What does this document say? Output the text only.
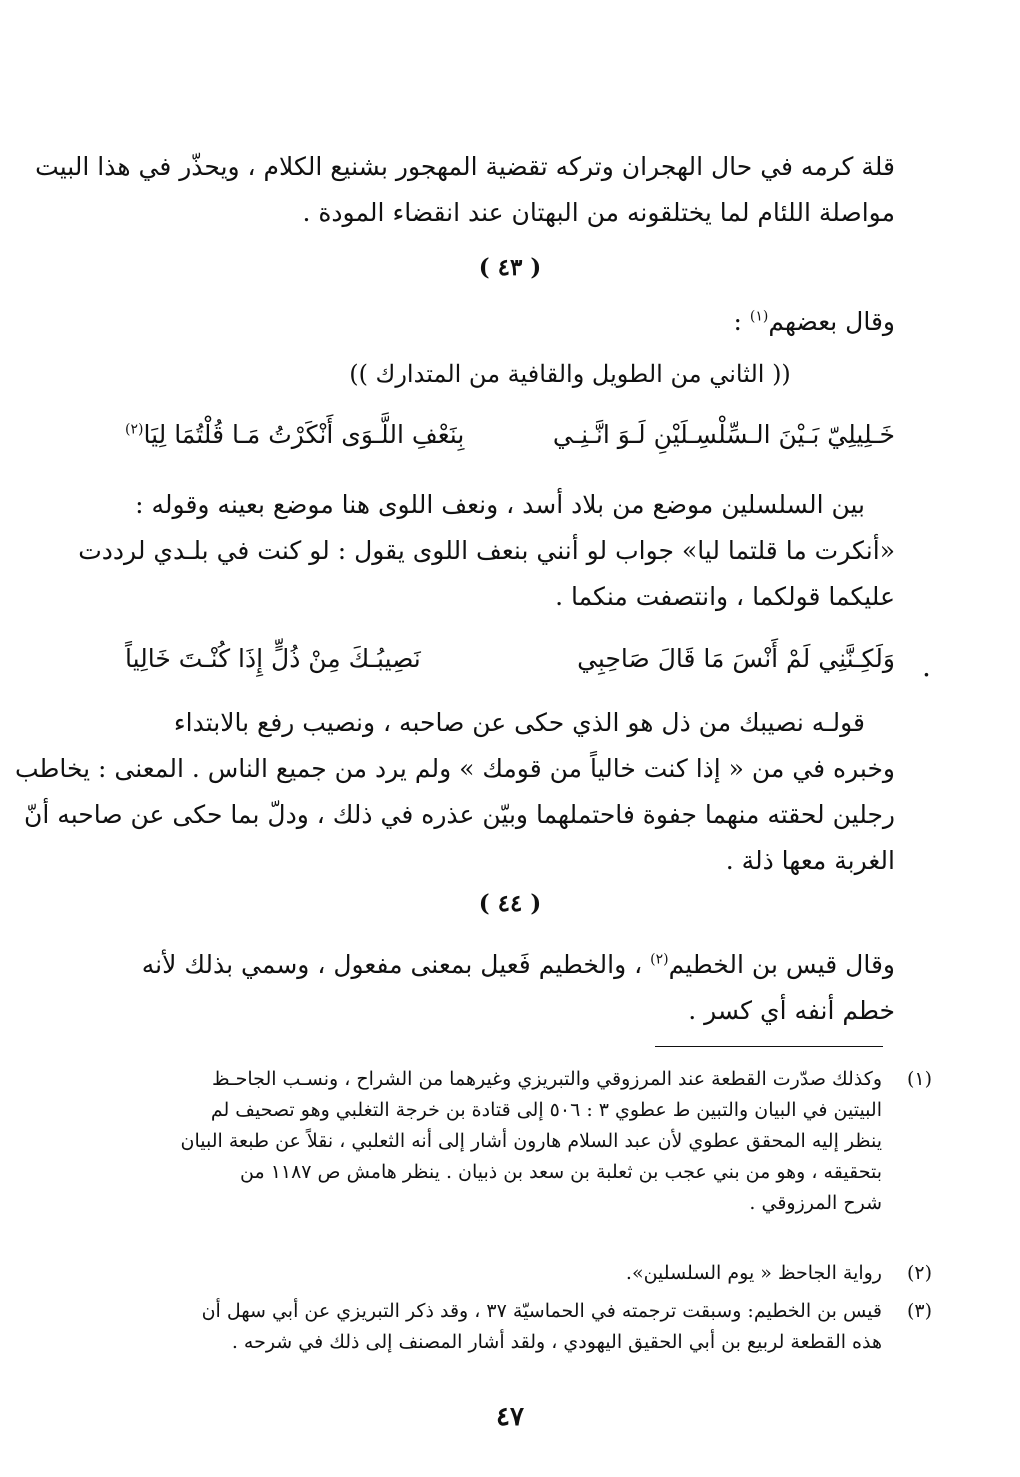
قلة كرمه في حال الهجران وتركه تقضية المهجور بشنيع الكلام ، ويحذّر في هذا البيت
مواصلة اللئام لما يختلقونه من البهتان عند انقضاء المودة .
( ٤٣ )
وقال بعضهم$^{(١)}$ :
(( الثاني من الطويل والقافية من المتدارك ))
خَـلِيلِيّ بَـيْنَ الـسِّلْسِـلَيْنِ لَـوَ انَّـنِـي
بِنَعْفِ اللَّـوَى أَنْكَرْتُ مَـا قُلْتُمَا لِيَا$^{(٢)}$
بين السلسلين موضع من بلاد أسد ، ونعف اللوى هنا موضع بعينه وقوله :
«أنكرت ما قلتما ليا» جواب لو أنني بنعف اللوى يقول : لو كنت في بلـدي لرددت
عليكما قولكما ، وانتصفت منكما .
وَلَكِـنَّنِي لَمْ أَنْسَ مَا قَالَ صَاحِبِي
نَصِيبُـكَ مِنْ ذُلٍّ إِذَا كُنْـتَ خَالِياً	.
قولـه نصيبك من ذل هو الذي حكى عن صاحبه ، ونصيب رفع بالابتداء
وخبره في من « إذا كنت خالياً من قومك » ولم يرد من جميع الناس . المعنى : يخاطب
رجلين لحقته منهما جفوة فاحتملهما وبيّن عذره في ذلك ، ودلّ بما حكى عن صاحبه أنّ
الغربة معها ذلة .
( ٤٤ )
وقال قيس بن الخطيم$^{(٢)}$ ، والخطيم فَعيل بمعنى مفعول ، وسمي بذلك لأنه
خطم أنفه أي كسر .
(١)
وكذلك صدّرت القطعة عند المرزوقي والتبريزي وغيرهما من الشراح ، ونسـب الجاحـظ
البيتين في البيان والتبين ط عطوي ٣ : ٥٠٦ إلى قتادة بن خرجة التغلبي وهو تصحيف لم
ينظر إليه المحقق عطوي لأن عبد السلام هارون أشار إلى أنه الثعلبي ، نقلاً عن طبعة البيان
بتحقيقه ، وهو من بني عجب بن ثعلبة بن سعد بن ذبيان . ينظر هامش ص ١١٨٧ من
شرح المرزوقي .
(٢)
رواية الجاحظ « يوم السلسلين».
(٣)
قيس بن الخطيم: وسبقت ترجمته في الحماسيّة ٣٧ ، وقد ذكر التبريزي عن أبي سهل أن
هذه القطعة لربيع بن أبي الحقيق اليهودي ، ولقد أشار المصنف إلى ذلك في شرحه .
٤٧
